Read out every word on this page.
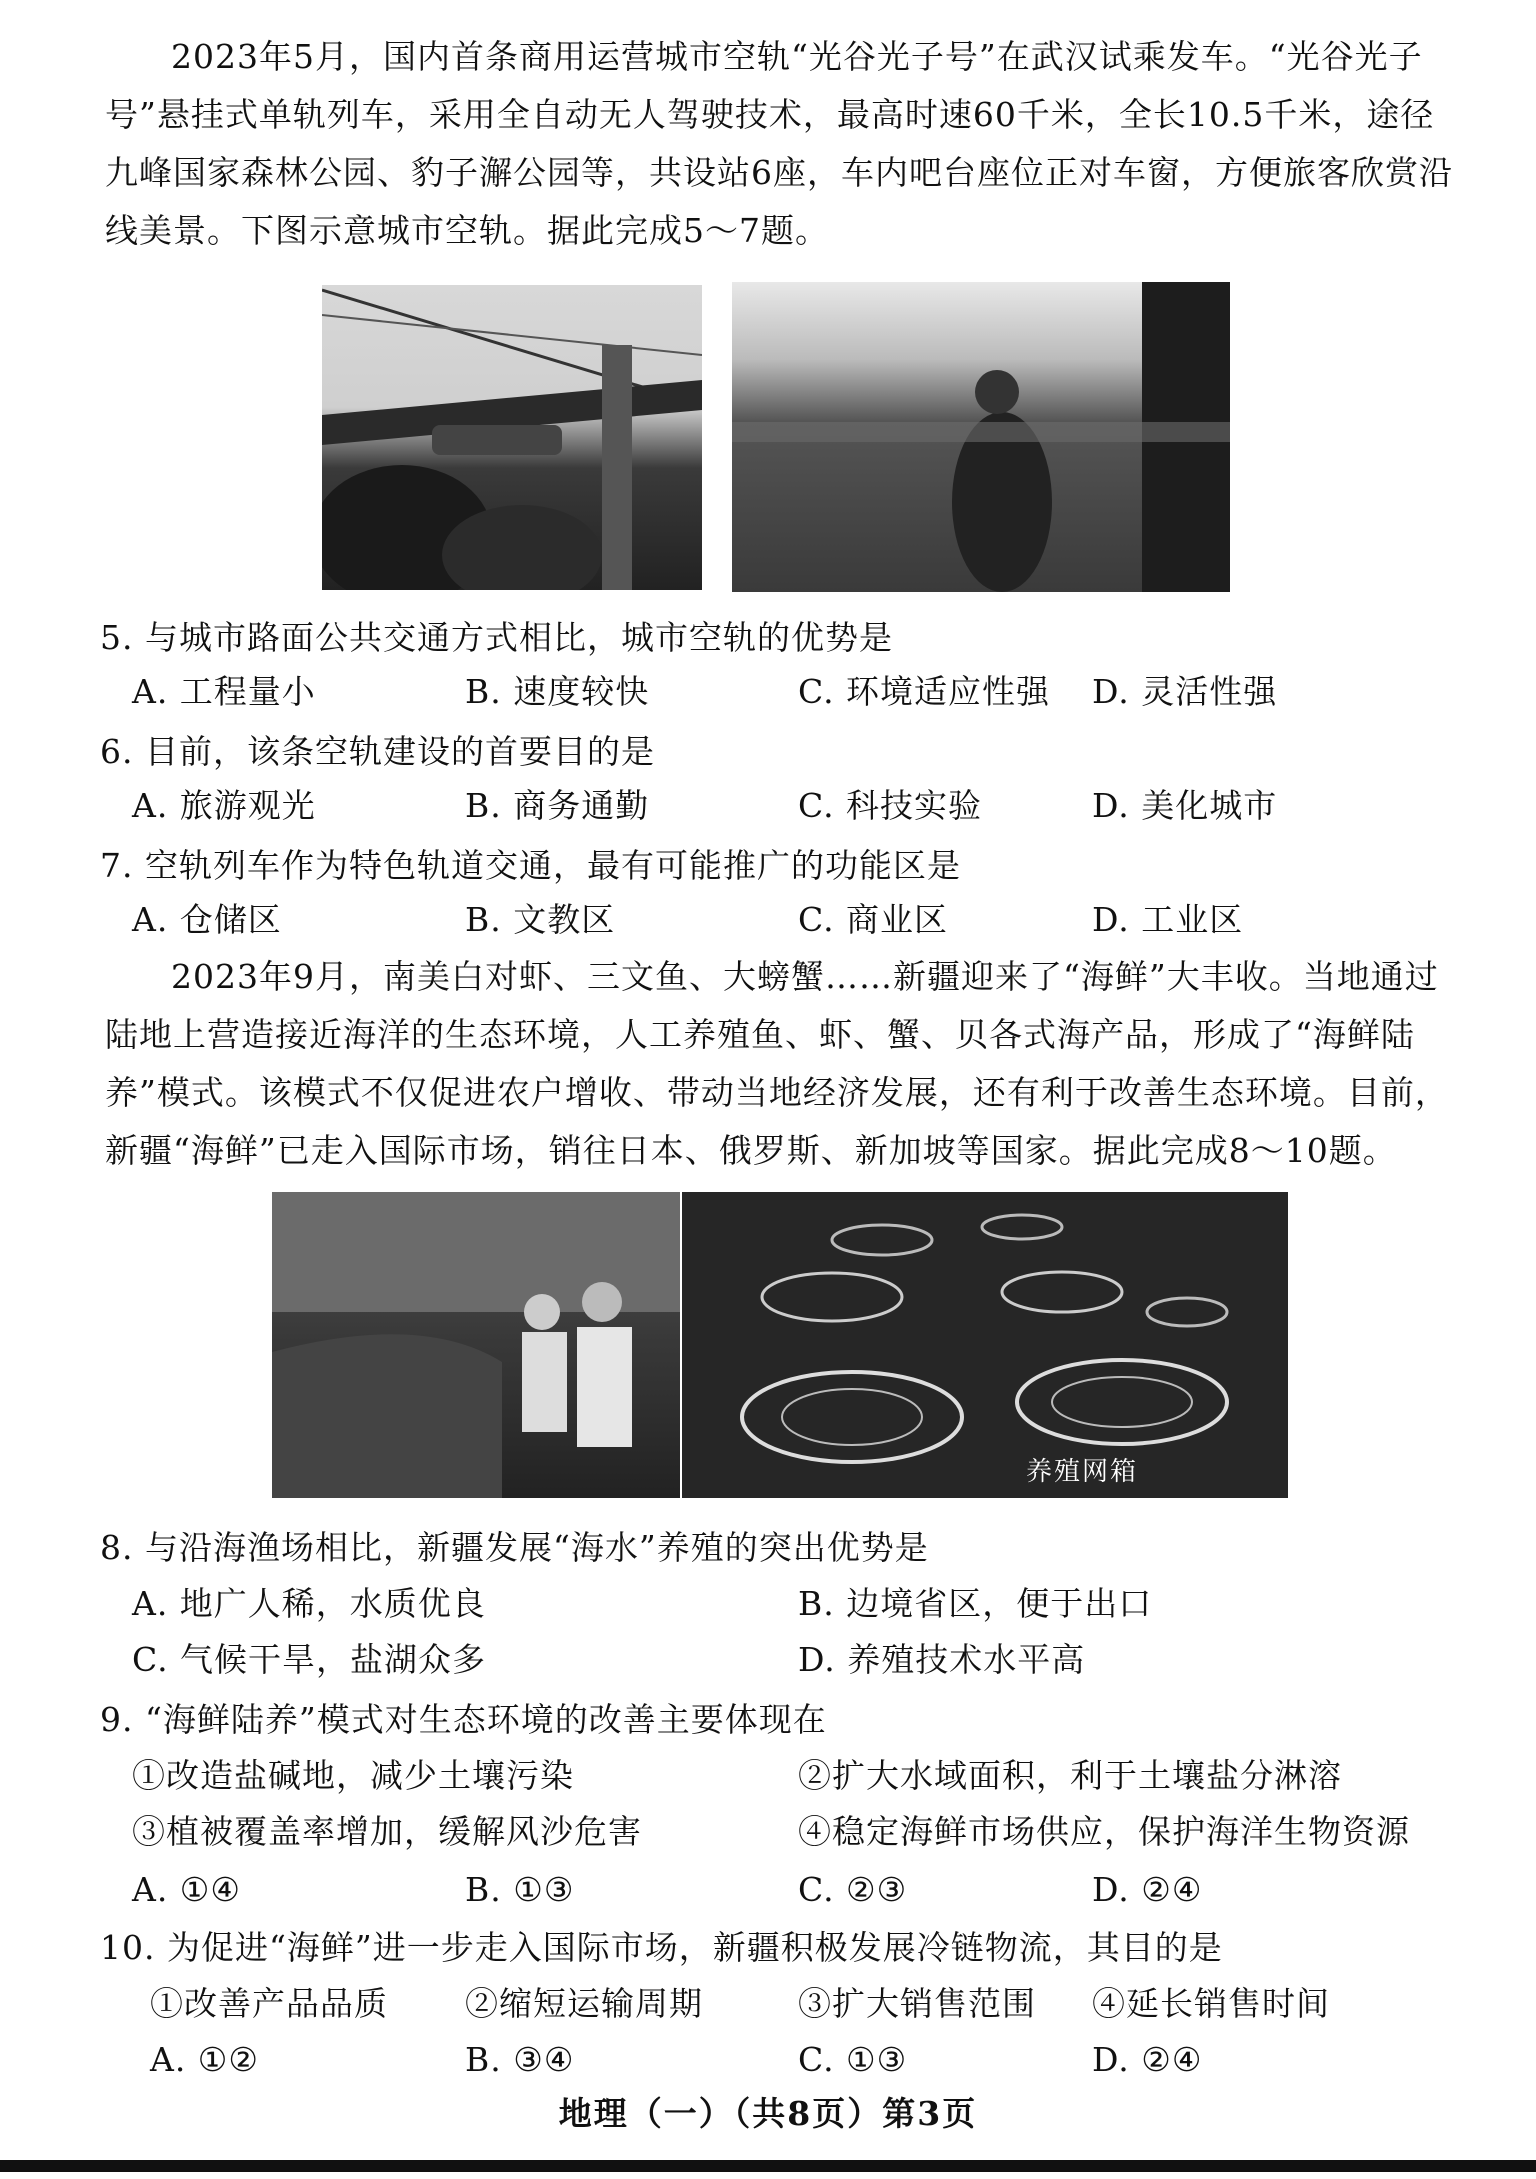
2023年5月，国内首条商用运营城市空轨“光谷光子号”在武汉试乘发车。“光谷光子号”悬挂式单轨列车，采用全自动无人驾驶技术，最高时速60千米，全长10.5千米，途径九峰国家森林公园、豹子澥公园等，共设站6座，车内吧台座位正对车窗，方便旅客欣赏沿线美景。下图示意城市空轨。据此完成5～7题。
5. 与城市路面公共交通方式相比，城市空轨的优势是
A. 工程量小	B. 速度较快	C. 环境适应性强 D. 灵活性强
6. 目前，该条空轨建设的首要目的是
A. 旅游观光	B. 商务通勤	C. 科技实验	D. 美化城市
7. 空轨列车作为特色轨道交通，最有可能推广的功能区是
A. 仓储区	B. 文教区	C. 商业区	D. 工业区
2023年9月，南美白对虾、三文鱼、大螃蟹……新疆迎来了“海鲜”大丰收。当地通过陆地上营造接近海洋的生态环境，人工养殖鱼、虾、蟹、贝各式海产品，形成了“海鲜陆养”模式。该模式不仅促进农户增收、带动当地经济发展，还有利于改善生态环境。目前，新疆“海鲜”已走入国际市场，销往日本、俄罗斯、新加坡等国家。据此完成8～10题。
养殖网箱
8. 与沿海渔场相比，新疆发展“海水”养殖的突出优势是
A. 地广人稀，水质优良	B. 边境省区，便于出口
C. 气候干旱，盐湖众多	D. 养殖技术水平高
9. “海鲜陆养”模式对生态环境的改善主要体现在
①改造盐碱地，减少土壤污染	②扩大水域面积，利于土壤盐分淋溶
③植被覆盖率增加，缓解风沙危害	④稳定海鲜市场供应，保护海洋生物资源
A. ①④	B. ①③	C. ②③	D. ②④
10. 为促进“海鲜”进一步走入国际市场，新疆积极发展冷链物流，其目的是
①改善产品品质 ②缩短运输周期	③扩大销售范围 ④延长销售时间
A. ①②	B. ③④	C. ①③	D. ②④
地理（一）（共8页）第3页
